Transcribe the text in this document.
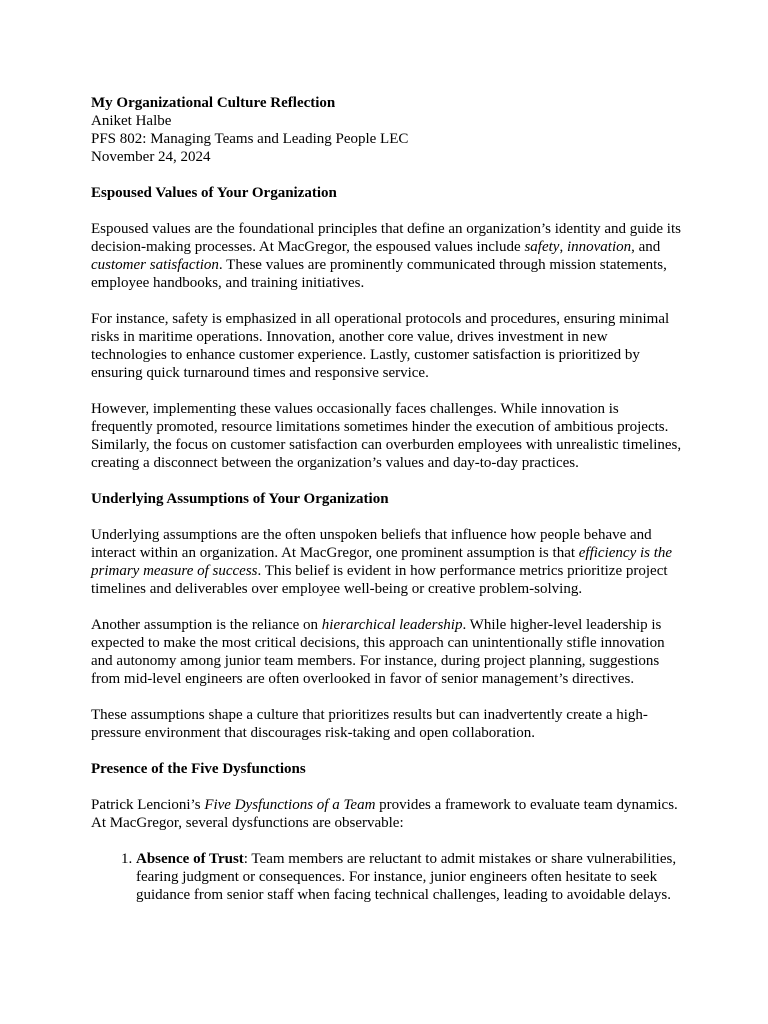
My Organizational Culture Reflection

Aniket Halbe

PFS 802: Managing Teams and Leading People LEC

November 24, 2024

Espoused Values of Your Organization

Espoused values are the foundational principles that define an organization’s identity and guide its decision-making processes. At MacGregor, the espoused values include safety, innovation, and customer satisfaction. These values are prominently communicated through mission statements, employee handbooks, and training initiatives.

For instance, safety is emphasized in all operational protocols and procedures, ensuring minimal risks in maritime operations. Innovation, another core value, drives investment in new technologies to enhance customer experience. Lastly, customer satisfaction is prioritized by ensuring quick turnaround times and responsive service.

However, implementing these values occasionally faces challenges. While innovation is frequently promoted, resource limitations sometimes hinder the execution of ambitious projects. Similarly, the focus on customer satisfaction can overburden employees with unrealistic timelines, creating a disconnect between the organization’s values and day-to-day practices.

Underlying Assumptions of Your Organization

Underlying assumptions are the often unspoken beliefs that influence how people behave and interact within an organization. At MacGregor, one prominent assumption is that efficiency is the primary measure of success. This belief is evident in how performance metrics prioritize project timelines and deliverables over employee well-being or creative problem-solving.

Another assumption is the reliance on hierarchical leadership. While higher-level leadership is expected to make the most critical decisions, this approach can unintentionally stifle innovation and autonomy among junior team members. For instance, during project planning, suggestions from mid-level engineers are often overlooked in favor of senior management’s directives.

These assumptions shape a culture that prioritizes results but can inadvertently create a high-pressure environment that discourages risk-taking and open collaboration.

Presence of the Five Dysfunctions

Patrick Lencioni’s Five Dysfunctions of a Team provides a framework to evaluate team dynamics. At MacGregor, several dysfunctions are observable:

1. Absence of Trust: Team members are reluctant to admit mistakes or share vulnerabilities, fearing judgment or consequences. For instance, junior engineers often hesitate to seek guidance from senior staff when facing technical challenges, leading to avoidable delays.
